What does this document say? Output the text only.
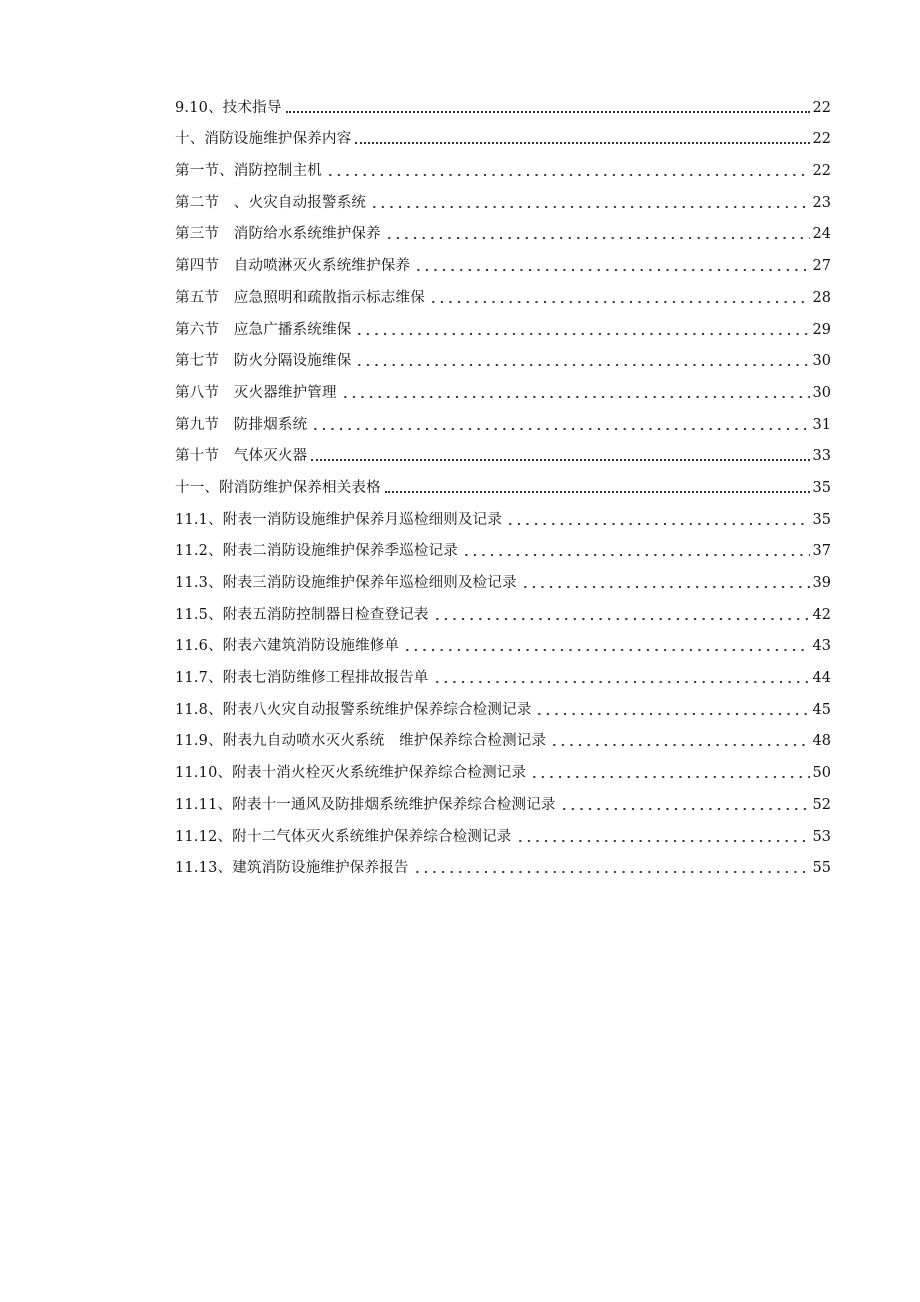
9.10、技术指导	22
十、消防设施维护保养内容	22
第一节、消防控制主机	22
第二节　、火灾自动报警系统	23
第三节　消防给水系统维护保养	24
第四节　自动喷淋灭火系统维护保养	27
第五节　应急照明和疏散指示标志维保	28
第六节　应急广播系统维保	29
第七节　防火分隔设施维保	30
第八节　灭火器维护管理	30
第九节　防排烟系统	31
第十节　气体灭火器	33
十一、附消防维护保养相关表格	35
11.1、附表一消防设施维护保养月巡检细则及记录	35
11.2、附表二消防设施维护保养季巡检记录	37
11.3、附表三消防设施维护保养年巡检细则及检记录	39
11.5、附表五消防控制器日检查登记表	42
11.6、附表六建筑消防设施维修单	43
11.7、附表七消防维修工程排故报告单	44
11.8、附表八火灾自动报警系统维护保养综合检测记录	45
11.9、附表九自动喷水灭火系统　维护保养综合检测记录	48
11.10、附表十消火栓灭火系统维护保养综合检测记录	50
11.11、附表十一通风及防排烟系统维护保养综合检测记录	52
11.12、附十二气体灭火系统维护保养综合检测记录	53
11.13、建筑消防设施维护保养报告	55
